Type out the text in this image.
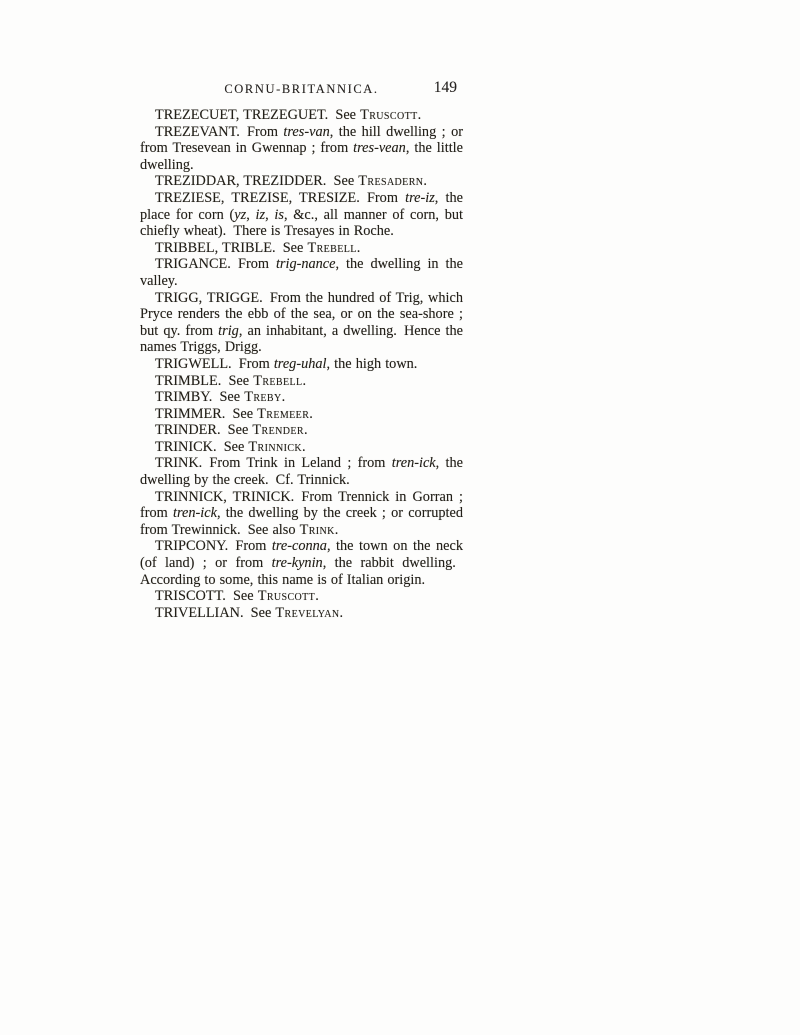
CORNU-BRITANNICA.	149

TREZECUET, TREZEGUET. See Truscott.

TREZEVANT. From tres-van, the hill dwelling ; or from Tresevean in Gwennap ; from tres-vean, the little dwelling.

TREZIDDAR, TREZIDDER. See Tresadern.

TREZIESE, TREZISE, TRESIZE. From tre-iz, the place for corn (yz, iz, is, &c., all manner of corn, but chiefly wheat). There is Tresayes in Roche.

TRIBBEL, TRIBLE. See Trebell.

TRIGANCE. From trig-nance, the dwelling in the valley.

TRIGG, TRIGGE. From the hundred of Trig, which Pryce renders the ebb of the sea, or on the sea-shore ; but qy. from trig, an inhabitant, a dwelling. Hence the names Triggs, Drigg.

TRIGWELL. From treg-uhal, the high town.

TRIMBLE. See Trebell.

TRIMBY. See Treby.

TRIMMER. See Tremeer.

TRINDER. See Trender.

TRINICK. See Trinnick.

TRINK. From Trink in Leland ; from tren-ick, the dwelling by the creek. Cf. Trinnick.

TRINNICK, TRINICK. From Trennick in Gorran ; from tren-ick, the dwelling by the creek ; or corrupted from Trewinnick. See also Trink.

TRIPCONY. From tre-conna, the town on the neck (of land) ; or from tre-kynin, the rabbit dwelling. According to some, this name is of Italian origin.

TRISCOTT. See Truscott.

TRIVELLIAN. See Trevelyan.
